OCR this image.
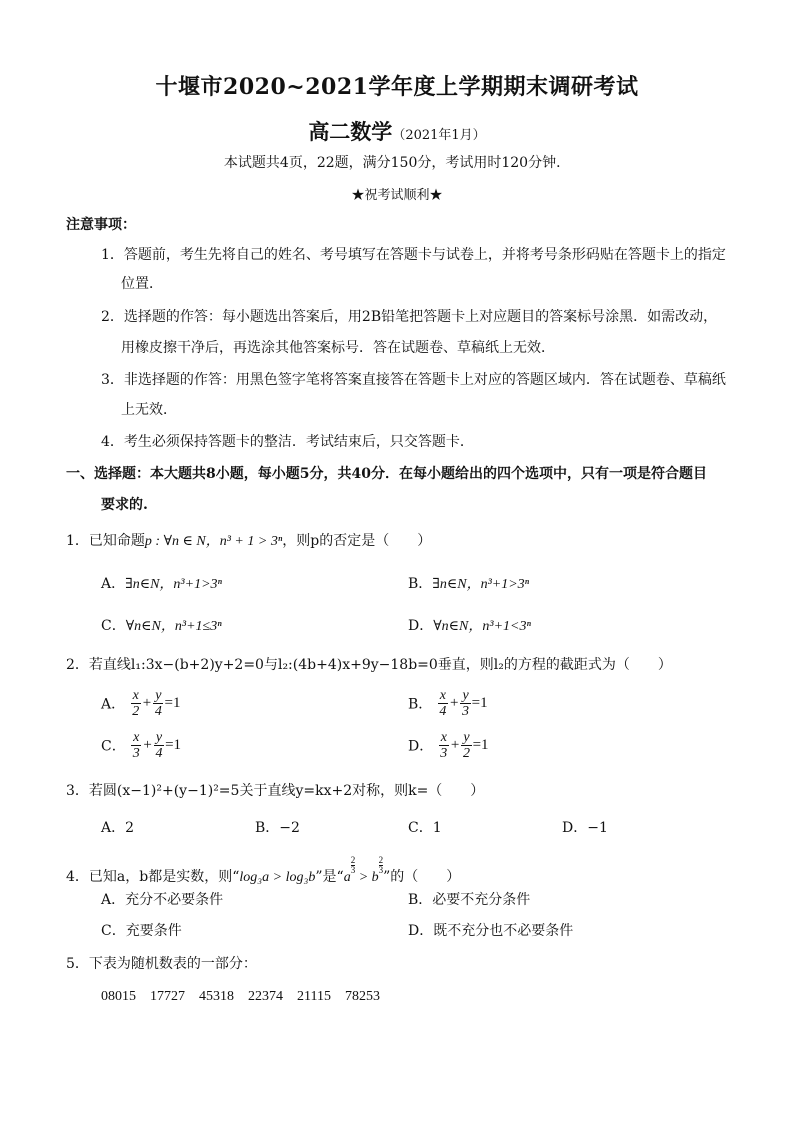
十堰市2020~2021学年度上学期期末调研考试
高二数学（2021年1月）
本试题共4页，22题，满分150分，考试用时120分钟．
★祝考试顺利★
注意事项：
1．答题前，考生先将自己的姓名、考号填写在答题卡与试卷上，并将考号条形码贴在答题卡上的指定
位置．
2．选择题的作答：每小题选出答案后，用2B铅笔把答题卡上对应题目的答案标号涂黑．如需改动，
用橡皮擦干净后，再选涂其他答案标号．答在试题卷、草稿纸上无效．
3．非选择题的作答：用黑色签字笔将答案直接答在答题卡上对应的答题区域内．答在试题卷、草稿纸
上无效．
4．考生必须保持答题卡的整洁．考试结束后，只交答题卡．
一、选择题：本大题共8小题，每小题5分，共40分．在每小题给出的四个选项中，只有一项是符合题目
要求的.
1．已知命题p : ∀n ∈ N，n³ + 1 > 3ⁿ，则p的否定是（　　）
A．∃n∈N，n³+1>3ⁿ	B．∃n∈N，n³+1>3ⁿ
C．∀n∈N，n³+1≤3ⁿ	D．∀n∈N，n³+1<3ⁿ
2．若直线l₁:3x−(b+2)y+2=0与l₂:(4b+4)x+9y−18b=0垂直，则l₂的方程的截距式为（　　）
A． $\frac{x}{2} + \frac{y}{4} =1$	B． $\frac{x}{4} + \frac{y}{3} =1$
C． $\frac{x}{3} + \frac{y}{4} =1$	D． $\frac{x}{3} + \frac{y}{2} =1$
3．若圆(x−1)²+(y−1)²=5关于直线y=kx+2对称，则k=（　　）
A．2	B．−2	C．1	D．−1
4．已知a，b都是实数，则“log₃a > log₃b”是“a
$\frac{2}{3}$
> b
$\frac{2}{3}$
”的（　　）
A．充分不必要条件	B．必要不充分条件
C．充要条件	D．既不充分也不必要条件
5．下表为随机数表的一部分：
08015　17727　45318　22374　21115　78253
